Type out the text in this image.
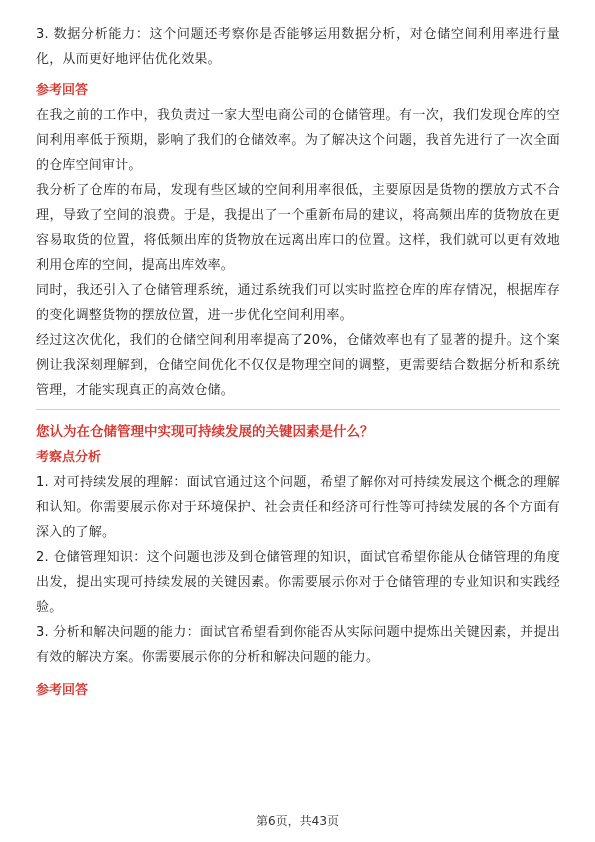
3. 数据分析能力：这个问题还考察你是否能够运用数据分析，对仓储空间利用率进行量化，从而更好地评估优化效果。

参考回答

在我之前的工作中，我负责过一家大型电商公司的仓储管理。有一次，我们发现仓库的空间利用率低于预期，影响了我们的仓储效率。为了解决这个问题，我首先进行了一次全面的仓库空间审计。

我分析了仓库的布局，发现有些区域的空间利用率很低，主要原因是货物的摆放方式不合理，导致了空间的浪费。于是，我提出了一个重新布局的建议，将高频出库的货物放在更容易取货的位置，将低频出库的货物放在远离出库口的位置。这样，我们就可以更有效地利用仓库的空间，提高出库效率。

同时，我还引入了仓储管理系统，通过系统我们可以实时监控仓库的库存情况，根据库存的变化调整货物的摆放位置，进一步优化空间利用率。

经过这次优化，我们的仓储空间利用率提高了20%，仓储效率也有了显著的提升。这个案例让我深刻理解到，仓储空间优化不仅仅是物理空间的调整，更需要结合数据分析和系统管理，才能实现真正的高效仓储。

您认为在仓储管理中实现可持续发展的关键因素是什么？

考察点分析

1. 对可持续发展的理解：面试官通过这个问题，希望了解你对可持续发展这个概念的理解和认知。你需要展示你对于环境保护、社会责任和经济可行性等可持续发展的各个方面有深入的了解。

2. 仓储管理知识：这个问题也涉及到仓储管理的知识，面试官希望你能从仓储管理的角度出发，提出实现可持续发展的关键因素。你需要展示你对于仓储管理的专业知识和实践经验。

3. 分析和解决问题的能力：面试官希望看到你能否从实际问题中提炼出关键因素，并提出有效的解决方案。你需要展示你的分析和解决问题的能力。

参考回答

第6页，共43页
